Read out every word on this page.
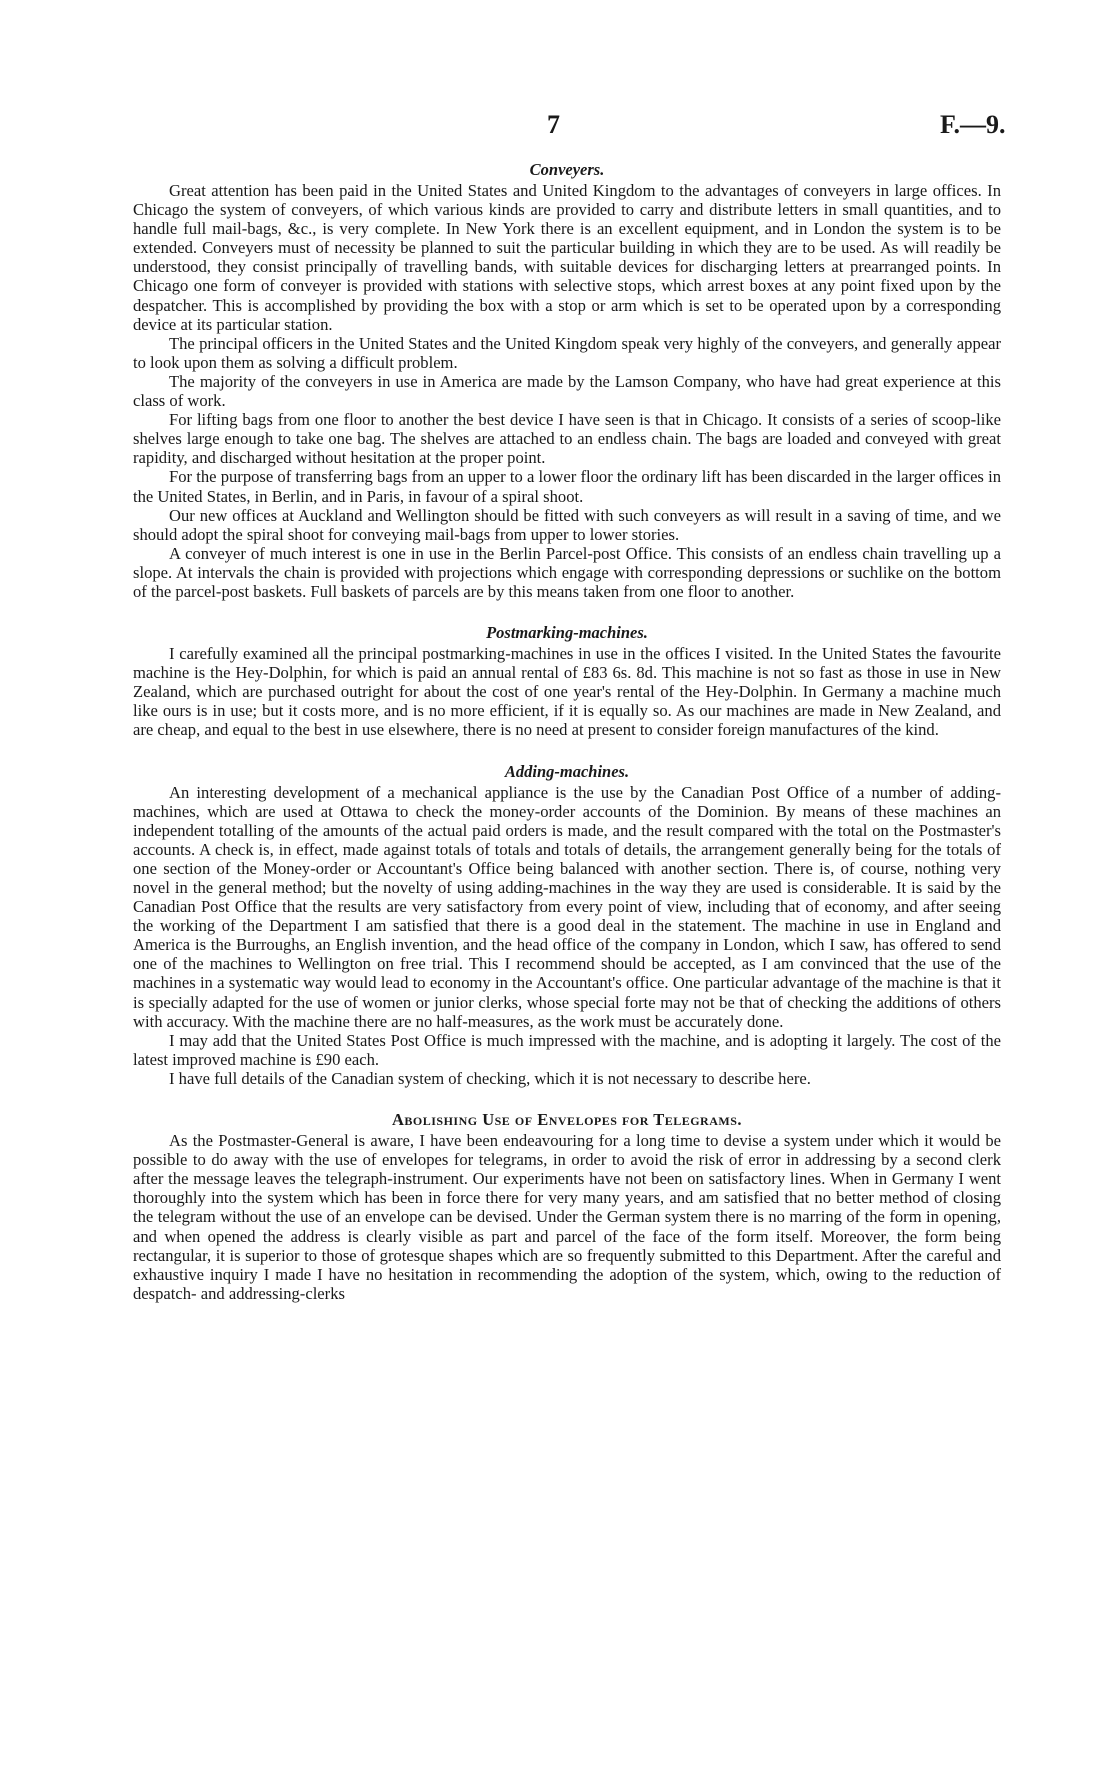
7	F.—9.
Conveyers.

Great attention has been paid in the United States and United Kingdom to the advantages of conveyers in large offices. In Chicago the system of conveyers, of which various kinds are provided to carry and distribute letters in small quantities, and to handle full mail-bags, &c., is very complete. In New York there is an excellent equipment, and in London the system is to be extended. Conveyers must of necessity be planned to suit the particular building in which they are to be used. As will readily be understood, they consist principally of travelling bands, with suitable devices for discharging letters at prearranged points. In Chicago one form of conveyer is provided with stations with selective stops, which arrest boxes at any point fixed upon by the despatcher. This is accomplished by providing the box with a stop or arm which is set to be operated upon by a corresponding device at its particular station.

The principal officers in the United States and the United Kingdom speak very highly of the conveyers, and generally appear to look upon them as solving a difficult problem.

The majority of the conveyers in use in America are made by the Lamson Company, who have had great experience at this class of work.

For lifting bags from one floor to another the best device I have seen is that in Chicago. It consists of a series of scoop-like shelves large enough to take one bag. The shelves are attached to an endless chain. The bags are loaded and conveyed with great rapidity, and discharged without hesitation at the proper point.

For the purpose of transferring bags from an upper to a lower floor the ordinary lift has been discarded in the larger offices in the United States, in Berlin, and in Paris, in favour of a spiral shoot.

Our new offices at Auckland and Wellington should be fitted with such conveyers as will result in a saving of time, and we should adopt the spiral shoot for conveying mail-bags from upper to lower stories.

A conveyer of much interest is one in use in the Berlin Parcel-post Office. This consists of an endless chain travelling up a slope. At intervals the chain is provided with projections which engage with corresponding depressions or suchlike on the bottom of the parcel-post baskets. Full baskets of parcels are by this means taken from one floor to another.

Postmarking-machines.

I carefully examined all the principal postmarking-machines in use in the offices I visited. In the United States the favourite machine is the Hey-Dolphin, for which is paid an annual rental of £83 6s. 8d. This machine is not so fast as those in use in New Zealand, which are purchased outright for about the cost of one year's rental of the Hey-Dolphin. In Germany a machine much like ours is in use; but it costs more, and is no more efficient, if it is equally so. As our machines are made in New Zealand, and are cheap, and equal to the best in use elsewhere, there is no need at present to consider foreign manufactures of the kind.

Adding-machines.

An interesting development of a mechanical appliance is the use by the Canadian Post Office of a number of adding-machines, which are used at Ottawa to check the money-order accounts of the Dominion. By means of these machines an independent totalling of the amounts of the actual paid orders is made, and the result compared with the total on the Postmaster's accounts. A check is, in effect, made against totals of totals and totals of details, the arrangement generally being for the totals of one section of the Money-order or Accountant's Office being balanced with another section. There is, of course, nothing very novel in the general method; but the novelty of using adding-machines in the way they are used is considerable. It is said by the Canadian Post Office that the results are very satisfactory from every point of view, including that of economy, and after seeing the working of the Department I am satisfied that there is a good deal in the statement. The machine in use in England and America is the Burroughs, an English invention, and the head office of the company in London, which I saw, has offered to send one of the machines to Wellington on free trial. This I recommend should be accepted, as I am convinced that the use of the machines in a systematic way would lead to economy in the Accountant's office. One particular advantage of the machine is that it is specially adapted for the use of women or junior clerks, whose special forte may not be that of checking the additions of others with accuracy. With the machine there are no half-measures, as the work must be accurately done.

I may add that the United States Post Office is much impressed with the machine, and is adopting it largely. The cost of the latest improved machine is £90 each.

I have full details of the Canadian system of checking, which it is not necessary to describe here.

Abolishing Use of Envelopes for Telegrams.

As the Postmaster-General is aware, I have been endeavouring for a long time to devise a system under which it would be possible to do away with the use of envelopes for telegrams, in order to avoid the risk of error in addressing by a second clerk after the message leaves the telegraph-instrument. Our experiments have not been on satisfactory lines. When in Germany I went thoroughly into the system which has been in force there for very many years, and am satisfied that no better method of closing the telegram without the use of an envelope can be devised. Under the German system there is no marring of the form in opening, and when opened the address is clearly visible as part and parcel of the face of the form itself. Moreover, the form being rectangular, it is superior to those of grotesque shapes which are so frequently submitted to this Department. After the careful and exhaustive inquiry I made I have no hesitation in recommending the adoption of the system, which, owing to the reduction of despatch- and addressing-clerks
